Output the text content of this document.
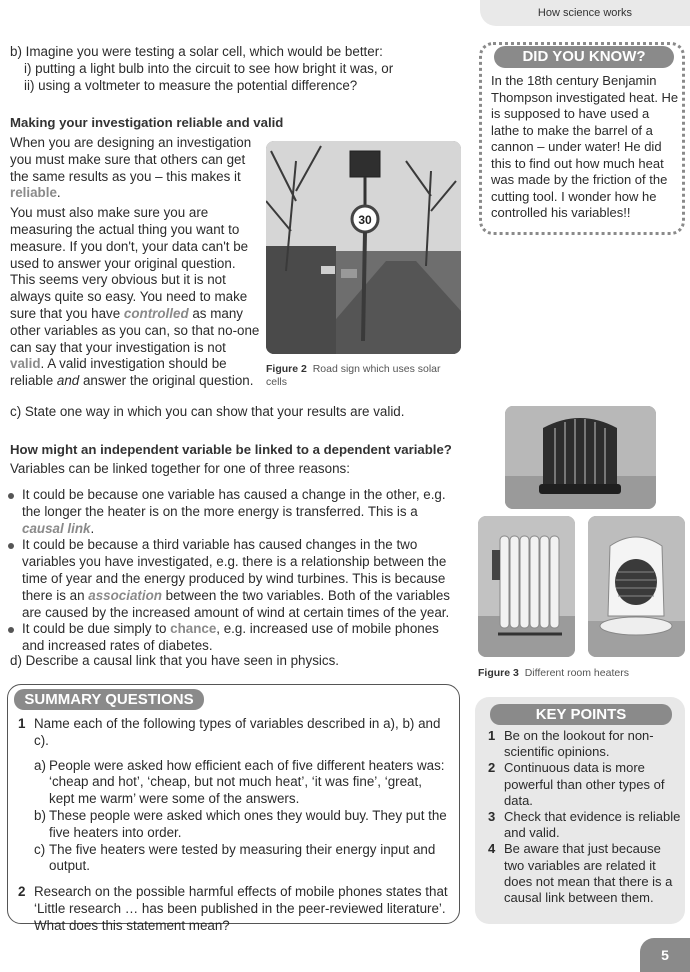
How science works
b) Imagine you were testing a solar cell, which would be better:
i) putting a light bulb into the circuit to see how bright it was, or
ii) using a voltmeter to measure the potential difference?
Making your investigation reliable and valid

When you are designing an investigation you must make sure that others can get the same results as you – this makes it reliable.

You must also make sure you are measuring the actual thing you want to measure. If you don't, your data can't be used to answer your original question. This seems very obvious but it is not always quite so easy. You need to make sure that you have controlled as many other variables as you can, so that no-one can say that your investigation is not valid. A valid investigation should be reliable and answer the original question.

30
Figure 2 Road sign which uses solar cells
DID YOU KNOW?
In the 18th century Benjamin Thompson investigated heat. He is supposed to have used a lathe to make the barrel of a cannon – under water! He did this to find out how much heat was made by the friction of the cutting tool. I wonder how he controlled his variables!!
c) State one way in which you can show that your results are valid.
How might an independent variable be linked to a dependent variable?
Variables can be linked together for one of three reasons:
It could be because one variable has caused a change in the other, e.g. the longer the heater is on the more energy is transferred. This is a causal link.
It could be because a third variable has caused changes in the two variables you have investigated, e.g. there is a relationship between the time of year and the energy produced by wind turbines. This is because there is an association between the two variables. Both of the variables are caused by the increased amount of wind at certain times of the year.
It could be due simply to chance, e.g. increased use of mobile phones and increased rates of diabetes.
Figure 3 Different room heaters
d) Describe a causal link that you have seen in physics.
SUMMARY QUESTIONS
1 Name each of the following types of variables described in a), b) and c).
a) People were asked how efficient each of five different heaters was: ‘cheap and hot’, ‘cheap, but not much heat’, ‘it was fine’, ‘great, kept me warm’ were some of the answers.
b) These people were asked which ones they would buy. They put the five heaters into order.
c) The five heaters were tested by measuring their energy input and output.
2 Research on the possible harmful effects of mobile phones states that ‘Little research … has been published in the peer-reviewed literature’. What does this statement mean?
KEY POINTS
1 Be on the lookout for non-scientific opinions.
2 Continuous data is more powerful than other types of data.
3 Check that evidence is reliable and valid.
4 Be aware that just because two variables are related it does not mean that there is a causal link between them.
5
